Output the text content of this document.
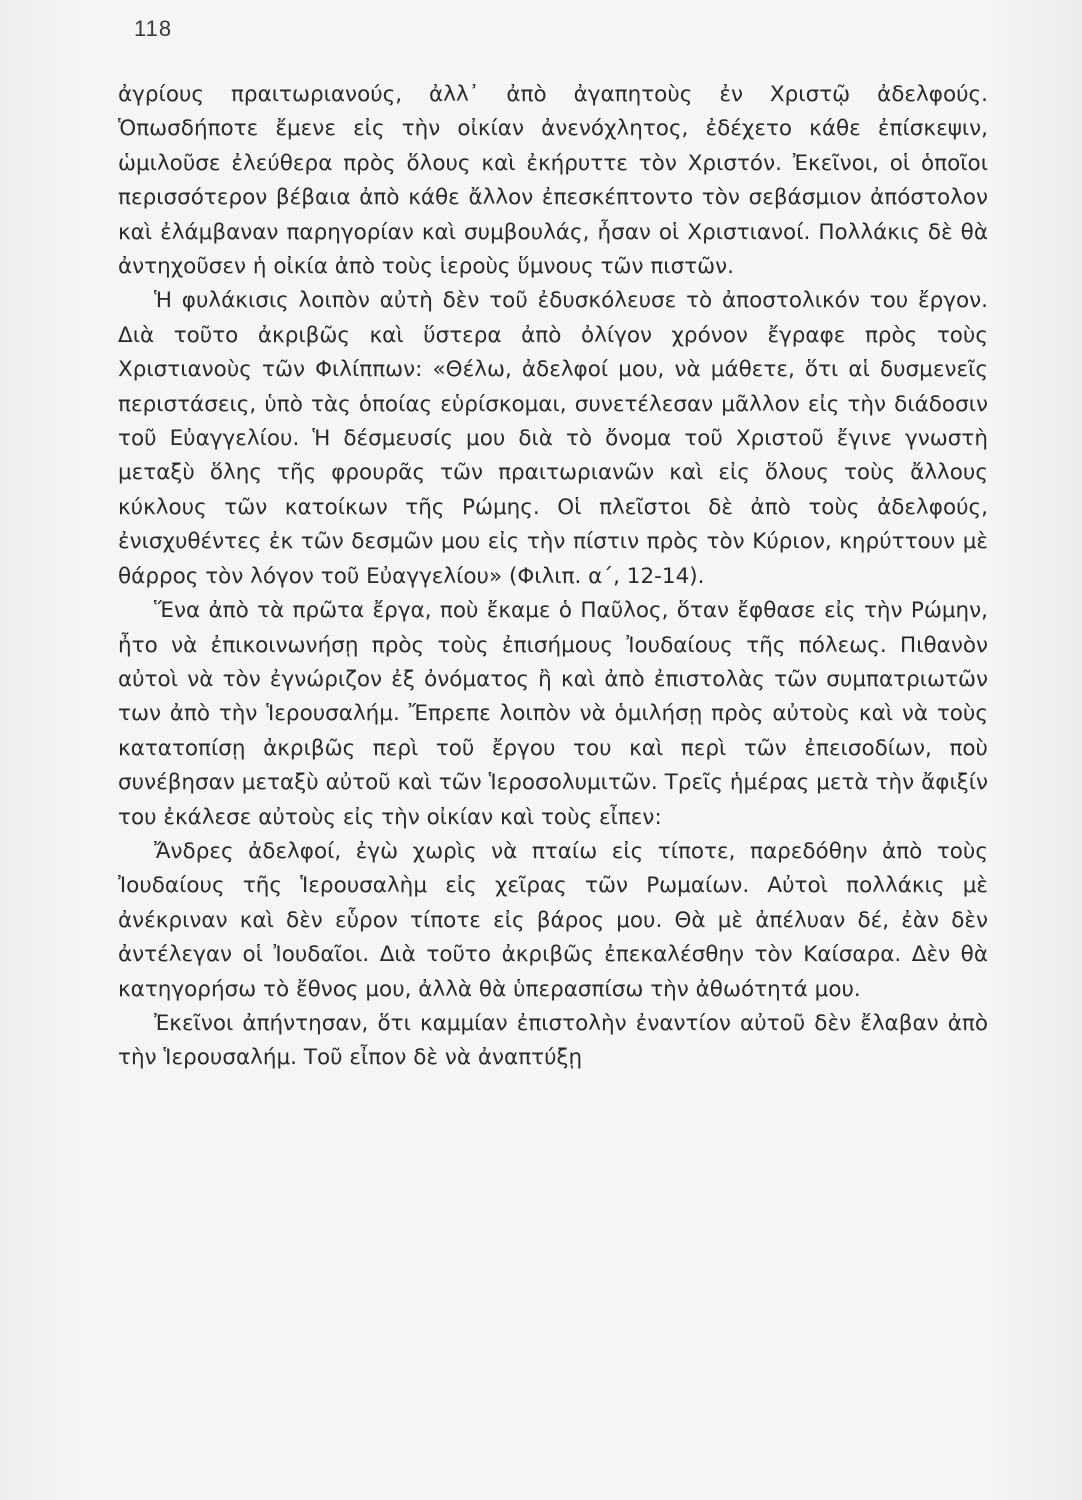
118

ἀγρίους πραιτωριανούς, ἀλλ᾽ ἀπὸ ἀγαπητοὺς ἐν Χριστῷ ἀδελφούς. Ὁπωσδήποτε ἔμενε εἰς τὴν οἰκίαν ἀνενόχλητος, ἐδέχετο κάθε ἐπίσκεψιν, ὡμιλοῦσε ἐλεύθερα πρὸς ὅλους καὶ ἐκήρυττε τὸν Χριστόν. Ἐκεῖνοι, οἱ ὁποῖοι περισσότερον βέβαια ἀπὸ κάθε ἄλλον ἐπεσκέπτοντο τὸν σεβάσμιον ἀπόστολον καὶ ἐλάμβαναν παρηγορίαν καὶ συμβουλάς, ἦσαν οἱ Χριστιανοί. Πολλάκις δὲ θὰ ἀντηχοῦσεν ἡ οἰκία ἀπὸ τοὺς ἱεροὺς ὕμνους τῶν πιστῶν.

Ἡ φυλάκισις λοιπὸν αὐτὴ δὲν τοῦ ἐδυσκόλευσε τὸ ἀποστολικόν του ἔργον. Διὰ τοῦτο ἀκριβῶς καὶ ὕστερα ἀπὸ ὀλίγον χρόνον ἔγραφε πρὸς τοὺς Χριστιανοὺς τῶν Φιλίππων: «Θέλω, ἀδελφοί μου, νὰ μάθετε, ὅτι αἱ δυσμενεῖς περιστάσεις, ὑπὸ τὰς ὁποίας εὑρίσκομαι, συνετέλεσαν μᾶλλον εἰς τὴν διάδοσιν τοῦ Εὐαγγελίου. Ἡ δέσμευσίς μου διὰ τὸ ὄνομα τοῦ Χριστοῦ ἔγινε γνωστὴ μεταξὺ ὅλης τῆς φρουρᾶς τῶν πραιτωριανῶν καὶ εἰς ὅλους τοὺς ἄλλους κύκλους τῶν κατοίκων τῆς Ρώμης. Οἱ πλεῖστοι δὲ ἀπὸ τοὺς ἀδελφούς, ἐνισχυθέντες ἐκ τῶν δεσμῶν μου εἰς τὴν πίστιν πρὸς τὸν Κύριον, κηρύττουν μὲ θάρρος τὸν λόγον τοῦ Εὐαγγελίου» (Φιλιπ. α΄, 12-14).

Ἕνα ἀπὸ τὰ πρῶτα ἔργα, ποὺ ἔκαμε ὁ Παῦλος, ὅταν ἔφθασε εἰς τὴν Ρώμην, ἦτο νὰ ἐπικοινωνήσῃ πρὸς τοὺς ἐπισήμους Ἰουδαίους τῆς πόλεως. Πιθανὸν αὐτοὶ νὰ τὸν ἐγνώριζον ἐξ ὀνόματος ἢ καὶ ἀπὸ ἐπιστολὰς τῶν συμπατριωτῶν των ἀπὸ τὴν Ἱερουσαλήμ. Ἔπρεπε λοιπὸν νὰ ὁμιλήσῃ πρὸς αὐτοὺς καὶ νὰ τοὺς κατατοπίσῃ ἀκριβῶς περὶ τοῦ ἔργου του καὶ περὶ τῶν ἐπεισοδίων, ποὺ συνέβησαν μεταξὺ αὐτοῦ καὶ τῶν Ἱεροσολυμιτῶν. Τρεῖς ἡμέρας μετὰ τὴν ἄφιξίν του ἐκάλεσε αὐτοὺς εἰς τὴν οἰκίαν καὶ τοὺς εἶπεν:

Ἄνδρες ἀδελφοί, ἐγὼ χωρὶς νὰ πταίω εἰς τίποτε, παρεδόθην ἀπὸ τοὺς Ἰουδαίους τῆς Ἱερουσαλὴμ εἰς χεῖρας τῶν Ρωμαίων. Αὐτοὶ πολλάκις μὲ ἀνέκριναν καὶ δὲν εὗρον τίποτε εἰς βάρος μου. Θὰ μὲ ἀπέλυαν δέ, ἐὰν δὲν ἀντέλεγαν οἱ Ἰουδαῖοι. Διὰ τοῦτο ἀκριβῶς ἐπεκαλέσθην τὸν Καίσαρα. Δὲν θὰ κατηγορήσω τὸ ἔθνος μου, ἀλλὰ θὰ ὑπερασπίσω τὴν ἀθωότητά μου.

Ἐκεῖνοι ἀπήντησαν, ὅτι καμμίαν ἐπιστολὴν ἐναντίον αὐτοῦ δὲν ἔλαβαν ἀπὸ τὴν Ἱερουσαλήμ. Τοῦ εἶπον δὲ νὰ ἀναπτύξῃ
